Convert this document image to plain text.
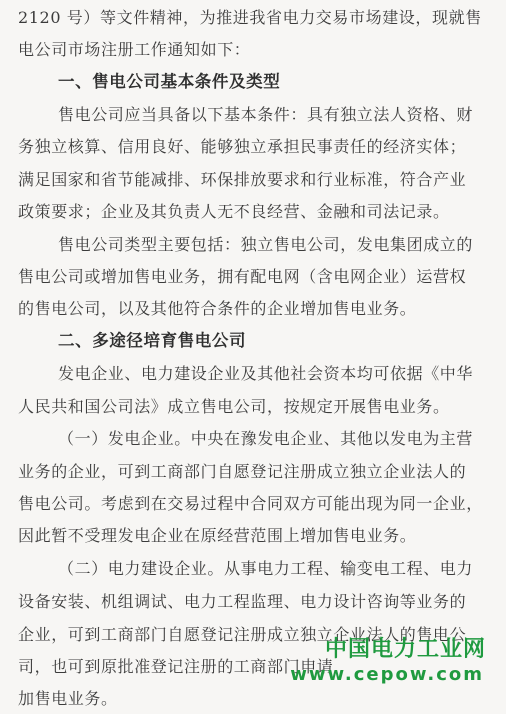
2120 号）等文件精神，为推进我省电力交易市场建设，现就售
电公司市场注册工作通知如下：
一、售电公司基本条件及类型
售电公司应当具备以下基本条件：具有独立法人资格、财
务独立核算、信用良好、能够独立承担民事责任的经济实体；
满足国家和省节能减排、环保排放要求和行业标准，符合产业
政策要求；企业及其负责人无不良经营、金融和司法记录。
售电公司类型主要包括：独立售电公司，发电集团成立的
售电公司或增加售电业务，拥有配电网（含电网企业）运营权
的售电公司，以及其他符合条件的企业增加售电业务。
二、多途径培育售电公司
发电企业、电力建设企业及其他社会资本均可依据《中华
人民共和国公司法》成立售电公司，按规定开展售电业务。
（一）发电企业。中央在豫发电企业、其他以发电为主营
业务的企业，可到工商部门自愿登记注册成立独立企业法人的
售电公司。考虑到在交易过程中合同双方可能出现为同一企业，
因此暂不受理发电企业在原经营范围上增加售电业务。
（二）电力建设企业。从事电力工程、输变电工程、电力
设备安装、机组调试、电力工程监理、电力设计咨询等业务的
企业，可到工商部门自愿登记注册成立独立企业法人的售电公
司，也可到原批准登记注册的工商部门申请
加售电业务。
中国电力工业网
www.cepow.com
